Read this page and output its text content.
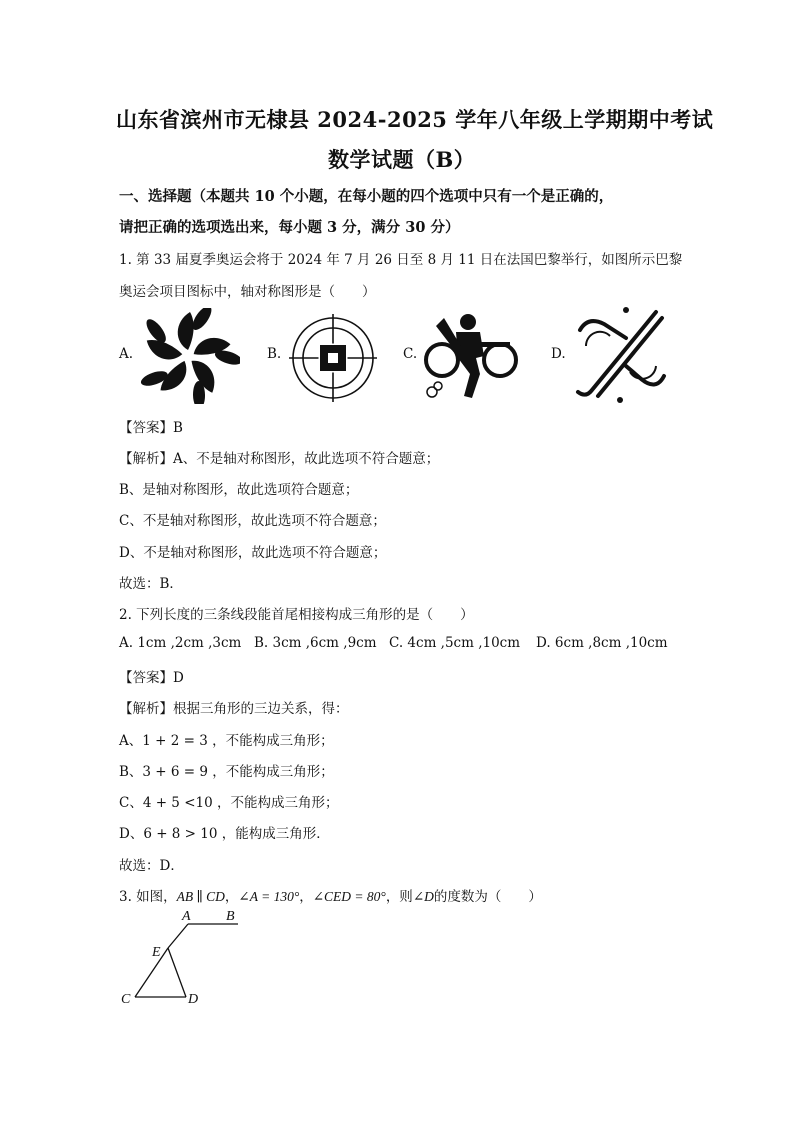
山东省滨州市无棣县 2024-2025 学年八年级上学期期中考试
数学试题（B）
一、选择题（本题共 10 个小题，在每小题的四个选项中只有一个是正确的，
请把正确的选项选出来，每小题 3 分，满分 30 分）
1. 第 33 届夏季奥运会将于 2024 年 7 月 26 日至 8 月 11 日在法国巴黎举行，如图所示巴黎
奥运会项目图标中，轴对称图形是（　　）
A.	B.	C.	D.
【答案】B
【解析】A、不是轴对称图形，故此选项不符合题意；
B、是轴对称图形，故此选项符合题意；
C、不是轴对称图形，故此选项不符合题意；
D、不是轴对称图形，故此选项不符合题意；
故选：B．
2. 下列长度的三条线段能首尾相接构成三角形的是（　　）
A. 1cm ,2cm ,3cm B. 3cm ,6cm ,9cm C. 4cm ,5cm ,10cm D. 6cm ,8cm ,10cm
【答案】D
【解析】根据三角形的三边关系，得：
A、1 + 2 = 3 ，不能构成三角形；
B、3 + 6 = 9 ，不能构成三角形；
C、4 + 5 <10 ，不能构成三角形；
D、6 + 8 > 10 ，能构成三角形．
故选：D．
3. 如图，AB ∥ CD，∠A = 130°，∠CED = 80°，则∠D的度数为（　　）
A	B
E
C	D
